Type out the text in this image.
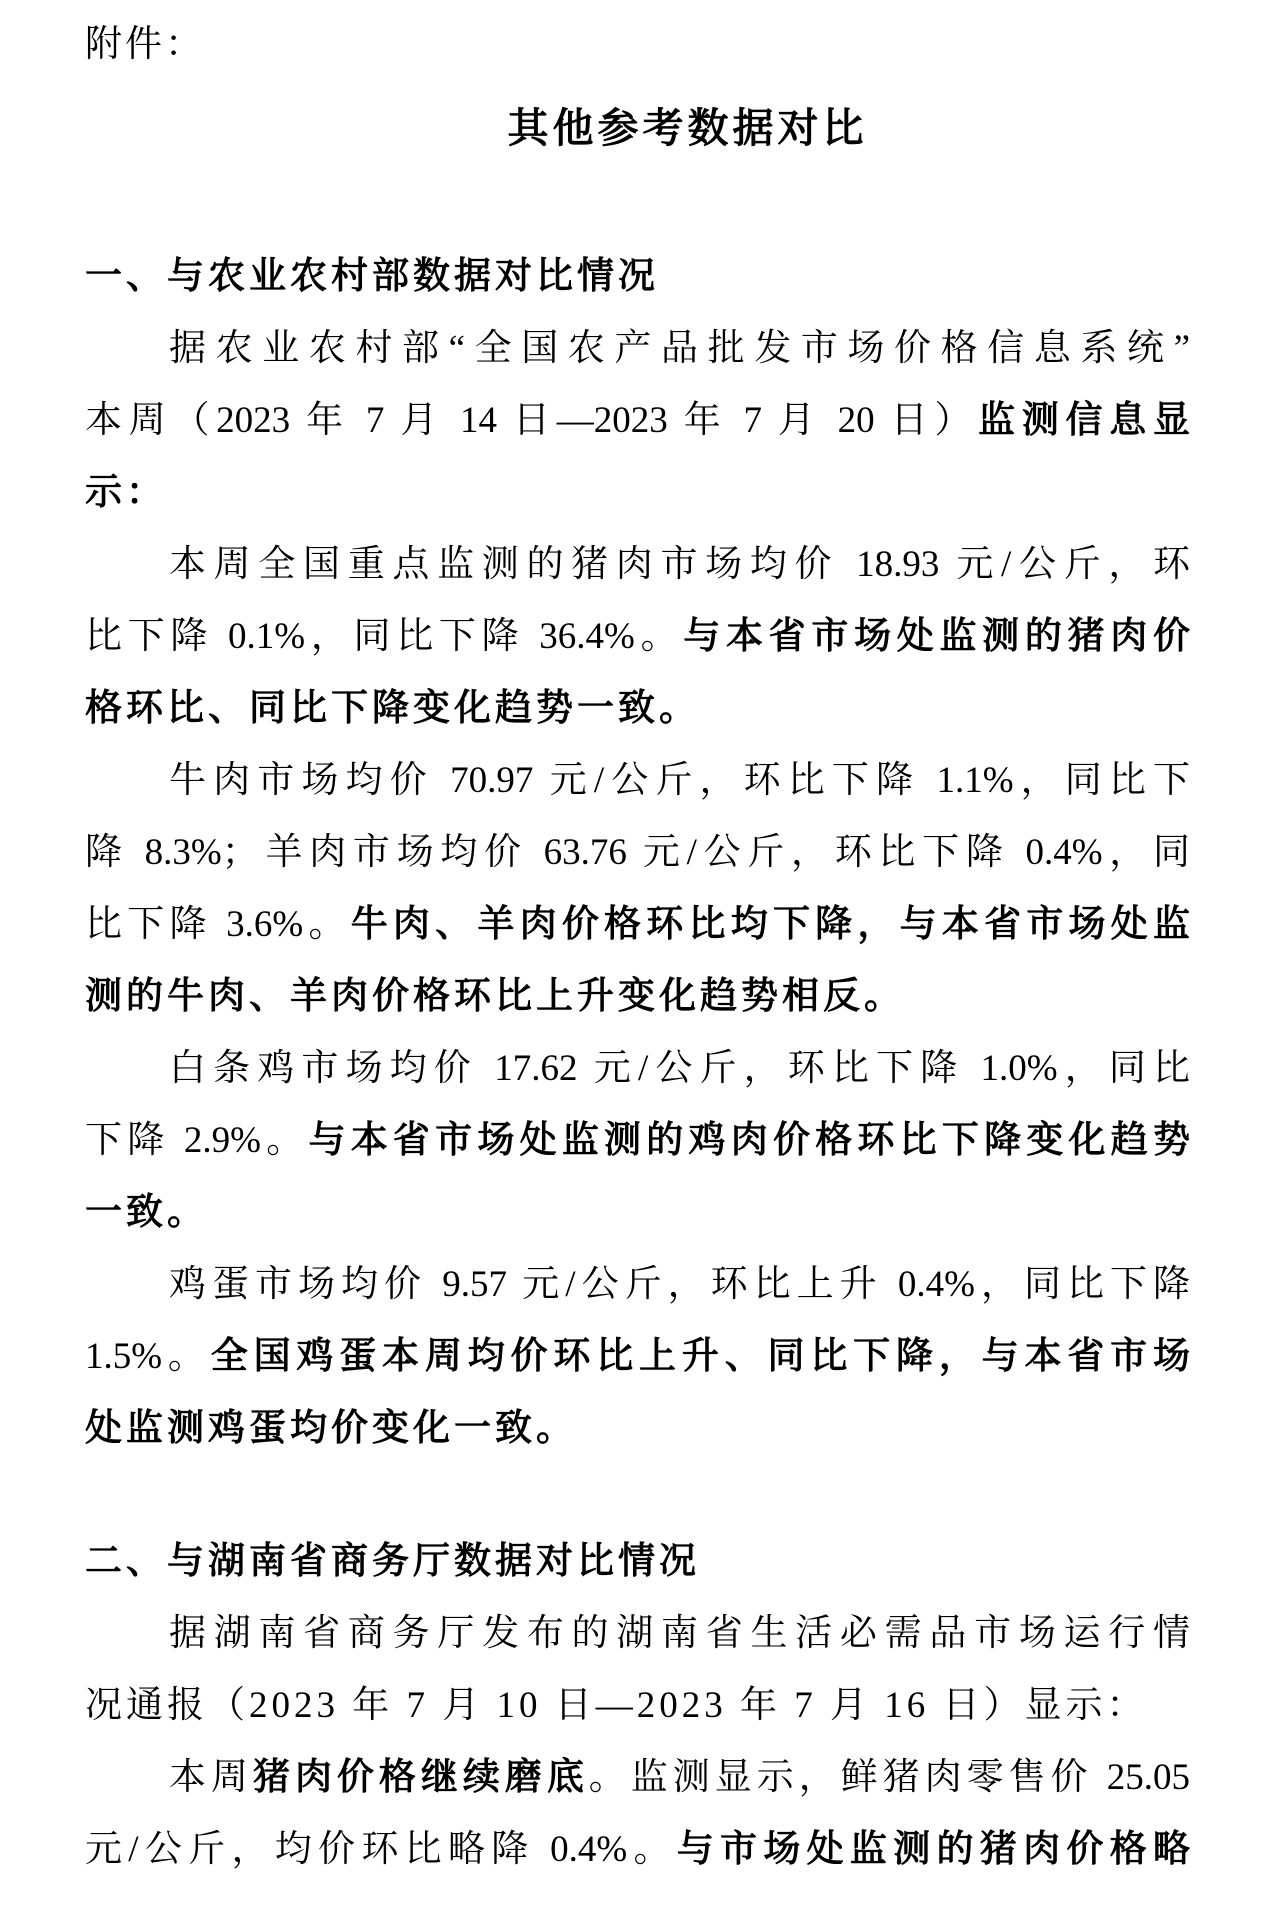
附件：
其他参考数据对比
一、与农业农村部数据对比情况
据农业农村部“全国农产品批发市场价格信息系统”
本周（2023 年 7 月 14 日—2023 年 7 月 20 日）监测信息显
示：
本周全国重点监测的猪肉市场均价 18.93 元/公斤，环
比下降 0.1%，同比下降 36.4%。与本省市场处监测的猪肉价
格环比、同比下降变化趋势一致。
牛肉市场均价 70.97 元/公斤，环比下降 1.1%，同比下
降 8.3%；羊肉市场均价 63.76 元/公斤，环比下降 0.4%，同
比下降 3.6%。牛肉、羊肉价格环比均下降，与本省市场处监
测的牛肉、羊肉价格环比上升变化趋势相反。
白条鸡市场均价 17.62 元/公斤，环比下降 1.0%，同比
下降 2.9%。与本省市场处监测的鸡肉价格环比下降变化趋势
一致。
鸡蛋市场均价 9.57 元/公斤，环比上升 0.4%，同比下降
1.5%。全国鸡蛋本周均价环比上升、同比下降，与本省市场
处监测鸡蛋均价变化一致。
二、与湖南省商务厅数据对比情况
据湖南省商务厅发布的湖南省生活必需品市场运行情
况通报（2023 年 7 月 10 日—2023 年 7 月 16 日）显示：
本周猪肉价格继续磨底。监测显示，鲜猪肉零售价 25.05
元/公斤，均价环比略降 0.4%。与市场处监测的猪肉价格略
